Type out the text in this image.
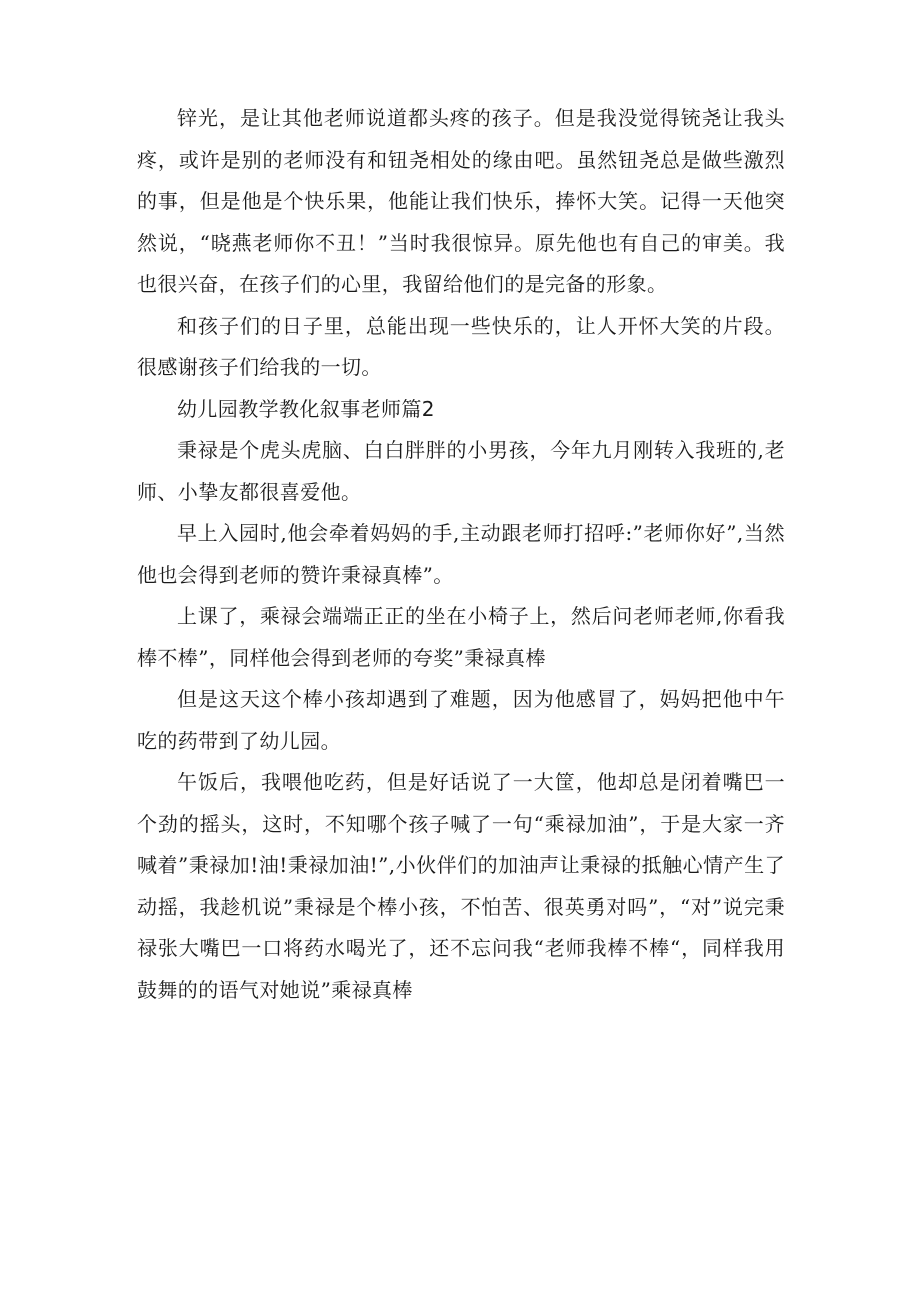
锌光，是让其他老师说道都头疼的孩子。但是我没觉得铳尧让我头疼，或许是别的老师没有和钮尧相处的缘由吧。虽然钮尧总是做些激烈的事，但是他是个快乐果，他能让我们快乐，捧怀大笑。记得一天他突然说，“晓燕老师你不丑！”当时我很惊异。原先他也有自己的审美。我也很兴奋，在孩子们的心里，我留给他们的是完备的形象。

和孩子们的日子里，总能出现一些快乐的，让人开怀大笑的片段。很感谢孩子们给我的一切。

幼儿园教学教化叙事老师篇2

秉禄是个虎头虎脑、白白胖胖的小男孩，今年九月刚转入我班的,老师、小挚友都很喜爱他。

早上入园时,他会牵着妈妈的手,主动跟老师打招呼:”老师你好”,当然他也会得到老师的赞许秉禄真棒”。

上课了，乘禄会端端正正的坐在小椅子上，然后问老师老师,你看我棒不棒”，同样他会得到老师的夸奖”秉禄真棒

但是这天这个棒小孩却遇到了难题，因为他感冒了，妈妈把他中午吃的药带到了幼儿园。

午饭后，我喂他吃药，但是好话说了一大筐，他却总是闭着嘴巴一个劲的摇头，这时，不知哪个孩子喊了一句“乘禄加油”，于是大家一齐喊着”秉禄加!油!秉禄加油!”,小伙伴们的加油声让秉禄的抵触心情产生了动摇，我趁机说”秉禄是个棒小孩，不怕苦、很英勇对吗”，“对”说完秉禄张大嘴巴一口将药水喝光了，还不忘问我“老师我棒不棒“，同样我用鼓舞的的语气对她说”乘禄真棒
